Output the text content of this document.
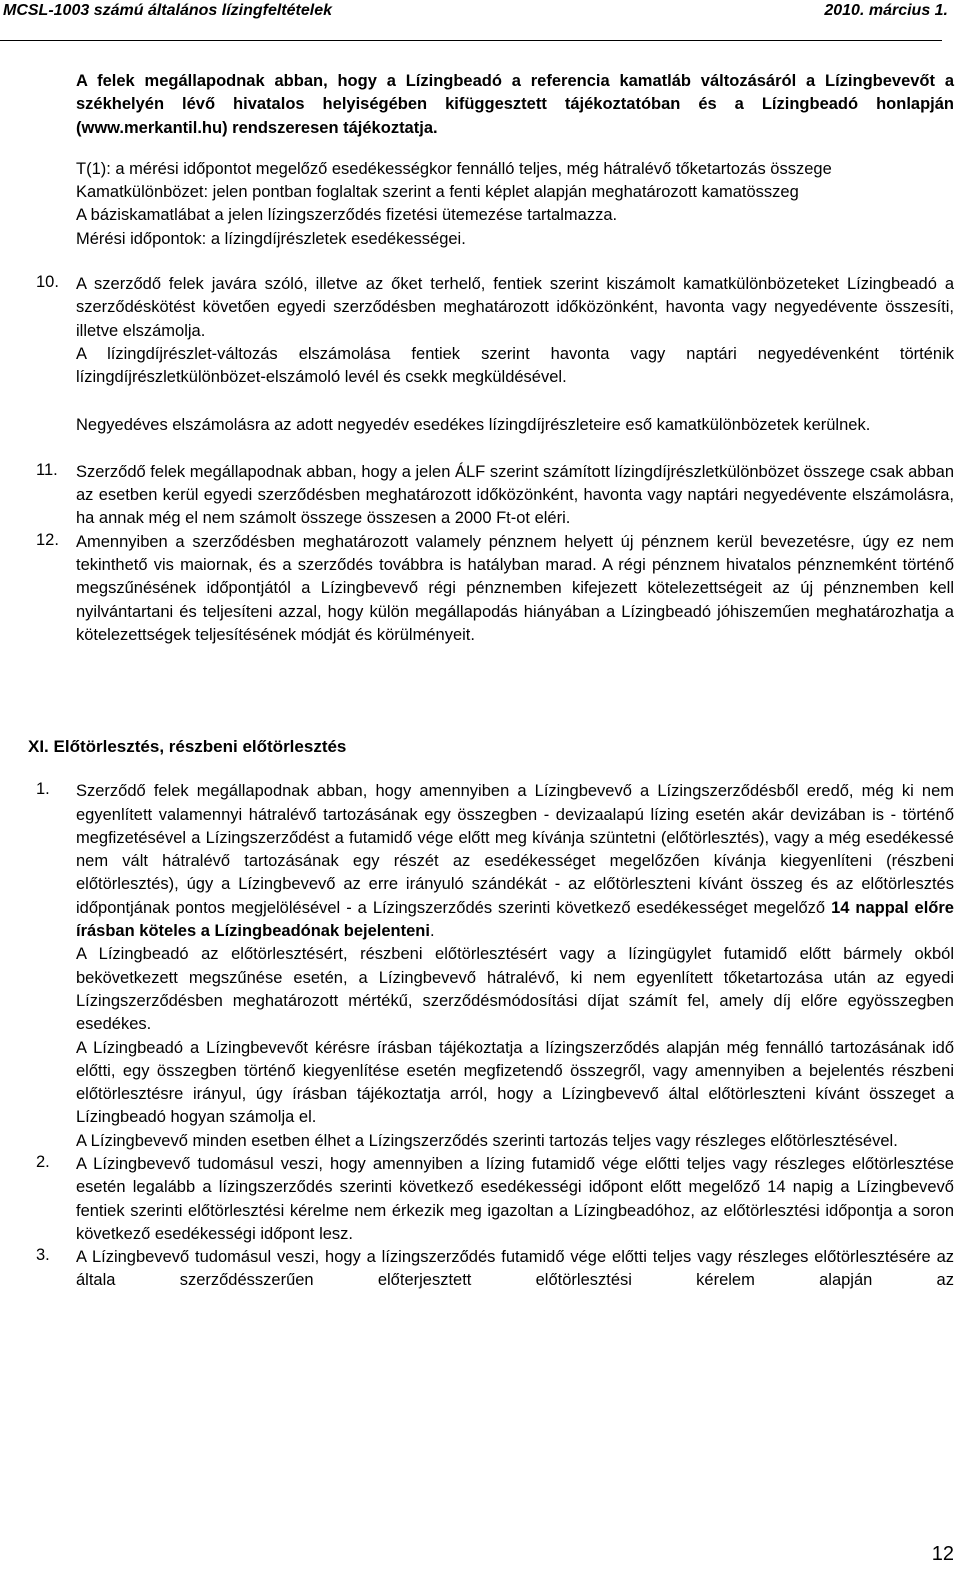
MCSL-1003 számú általános lízingfeltételek	2010. március 1.

A felek megállapodnak abban, hogy a Lízingbeadó a referencia kamatláb változásáról a Lízingbevevőt a székhelyén lévő hivatalos helyiségében kifüggesztett tájékoztatóban és a Lízingbeadó honlapján (www.merkantil.hu) rendszeresen tájékoztatja.

T(1): a mérési időpontot megelőző esedékességkor fennálló teljes, még hátralévő tőketartozás összege

Kamatkülönbözet: jelen pontban foglaltak szerint a fenti képlet alapján meghatározott kamatösszeg

A báziskamatlábat a jelen lízingszerződés fizetési ütemezése tartalmazza.

Mérési időpontok: a lízingdíjrészletek esedékességei.

10. A szerződő felek javára szóló, illetve az őket terhelő, fentiek szerint kiszámolt kamatkülönbözeteket Lízingbeadó a szerződéskötést követően egyedi szerződésben meghatározott időközönként, havonta vagy negyedévente összesíti, illetve elszámolja.

A lízingdíjrészlet-változás elszámolása fentiek szerint havonta vagy naptári negyedévenként történik lízingdíjrészletkülönbözet-elszámoló levél és csekk megküldésével.

Negyedéves elszámolásra az adott negyedév esedékes lízingdíjrészleteire eső kamatkülönbözetek kerülnek.

11. Szerződő felek megállapodnak abban, hogy a jelen ÁLF szerint számított lízingdíjrészletkülönbözet összege csak abban az esetben kerül egyedi szerződésben meghatározott időközönként, havonta vagy naptári negyedévente elszámolásra, ha annak még el nem számolt összege összesen a 2000 Ft-ot eléri.

12. Amennyiben a szerződésben meghatározott valamely pénznem helyett új pénznem kerül bevezetésre, úgy ez nem tekinthető vis maiornak, és a szerződés továbbra is hatályban marad. A régi pénznem hivatalos pénznemként történő megszűnésének időpontjától a Lízingbevevő régi pénznemben kifejezett kötelezettségeit az új pénznemben kell nyilvántartani és teljesíteni azzal, hogy külön megállapodás hiányában a Lízingbeadó jóhiszeműen meghatározhatja a kötelezettségek teljesítésének módját és körülményeit.

XI. Előtörlesztés, részbeni előtörlesztés

1. Szerződő felek megállapodnak abban, hogy amennyiben a Lízingbevevő a Lízingszerződésből eredő, még ki nem egyenlített valamennyi hátralévő tartozásának egy összegben - devizaalapú lízing esetén akár devizában is - történő megfizetésével a Lízingszerződést a futamidő vége előtt meg kívánja szüntetni (előtörlesztés), vagy a még esedékessé nem vált hátralévő tartozásának egy részét az esedékességet megelőzően kívánja kiegyenlíteni (részbeni előtörlesztés), úgy a Lízingbevevő az erre irányuló szándékát - az előtörleszteni kívánt összeg és az előtörlesztés időpontjának pontos megjelölésével - a Lízingszerződés szerinti következő esedékességet megelőző 14 nappal előre írásban köteles a Lízingbeadónak bejelenteni.

A Lízingbeadó az előtörlesztésért, részbeni előtörlesztésért vagy a lízingügylet futamidő előtt bármely okból bekövetkezett megszűnése esetén, a Lízingbevevő hátralévő, ki nem egyenlített tőketartozása után az egyedi Lízingszerződésben meghatározott mértékű, szerződésmódosítási díjat számít fel, amely díj előre egyösszegben esedékes.

A Lízingbeadó a Lízingbevevőt kérésre írásban tájékoztatja a lízingszerződés alapján még fennálló tartozásának idő előtti, egy összegben történő kiegyenlítése esetén megfizetendő összegről, vagy amennyiben a bejelentés részbeni előtörlesztésre irányul, úgy írásban tájékoztatja arról, hogy a Lízingbevevő által előtörleszteni kívánt összeget a Lízingbeadó hogyan számolja el.

A Lízingbevevő minden esetben élhet a Lízingszerződés szerinti tartozás teljes vagy részleges előtörlesztésével.

2. A Lízingbevevő tudomásul veszi, hogy amennyiben a lízing futamidő vége előtti teljes vagy részleges előtörlesztése esetén legalább a lízingszerződés szerinti következő esedékességi időpont előtt megelőző 14 napig a Lízingbevevő fentiek szerinti előtörlesztési kérelme nem érkezik meg igazoltan a Lízingbeadóhoz, az előtörlesztési időpontja a soron következő esedékességi időpont lesz.

3. A Lízingbevevő tudomásul veszi, hogy a lízingszerződés futamidő vége előtti teljes vagy részleges előtörlesztésére az általa szerződésszerűen előterjesztett előtörlesztési kérelem alapján az

12
